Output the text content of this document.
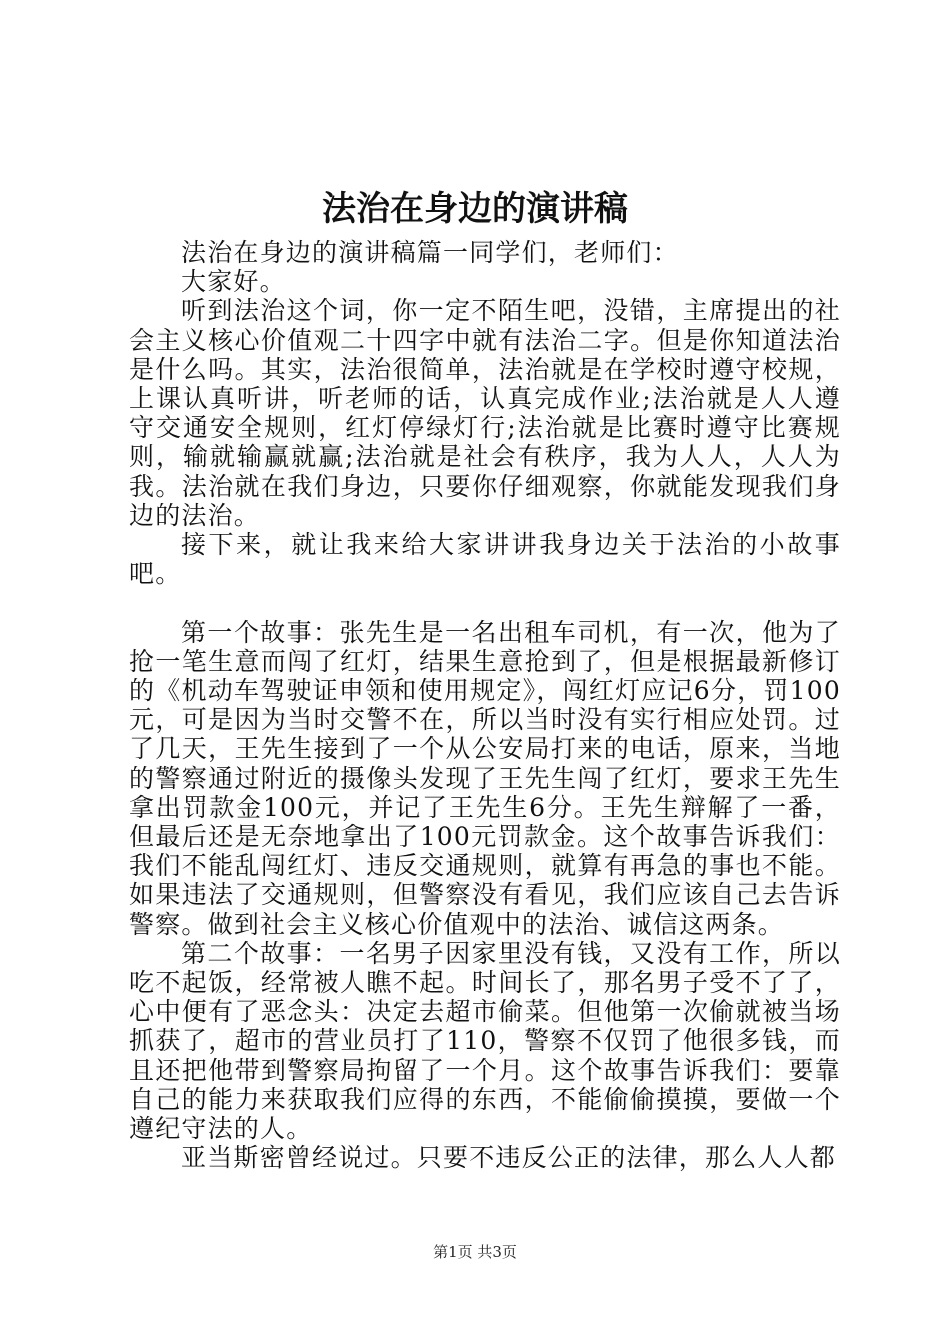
法治在身边的演讲稿

法治在身边的演讲稿篇一同学们，老师们：

大家好。

听到法治这个词，你一定不陌生吧，没错，主席提出的社会主义核心价值观二十四字中就有法治二字。但是你知道法治是什么吗。其实，法治很简单，法治就是在学校时遵守校规，上课认真听讲，听老师的话，认真完成作业;法治就是人人遵守交通安全规则，红灯停绿灯行;法治就是比赛时遵守比赛规则，输就输赢就赢;法治就是社会有秩序，我为人人，人人为我。法治就在我们身边，只要你仔细观察，你就能发现我们身边的法治。

接下来，就让我来给大家讲讲我身边关于法治的小故事吧。

第一个故事：张先生是一名出租车司机，有一次，他为了抢一笔生意而闯了红灯，结果生意抢到了，但是根据最新修订的《机动车驾驶证申领和使用规定》，闯红灯应记6分，罚100元，可是因为当时交警不在，所以当时没有实行相应处罚。过了几天，王先生接到了一个从公安局打来的电话，原来，当地的警察通过附近的摄像头发现了王先生闯了红灯，要求王先生拿出罚款金100元，并记了王先生6分。王先生辩解了一番，但最后还是无奈地拿出了100元罚款金。这个故事告诉我们：我们不能乱闯红灯、违反交通规则，就算有再急的事也不能。如果违法了交通规则，但警察没有看见，我们应该自己去告诉警察。做到社会主义核心价值观中的法治、诚信这两条。

第二个故事：一名男子因家里没有钱，又没有工作，所以吃不起饭，经常被人瞧不起。时间长了，那名男子受不了了，心中便有了恶念头：决定去超市偷菜。但他第一次偷就被当场抓获了，超市的营业员打了110，警察不仅罚了他很多钱，而且还把他带到警察局拘留了一个月。这个故事告诉我们：要靠自己的能力来获取我们应得的东西，不能偷偷摸摸，要做一个遵纪守法的人。

亚当斯密曾经说过。只要不违反公正的法律，那么人人都

第1页 共3页
